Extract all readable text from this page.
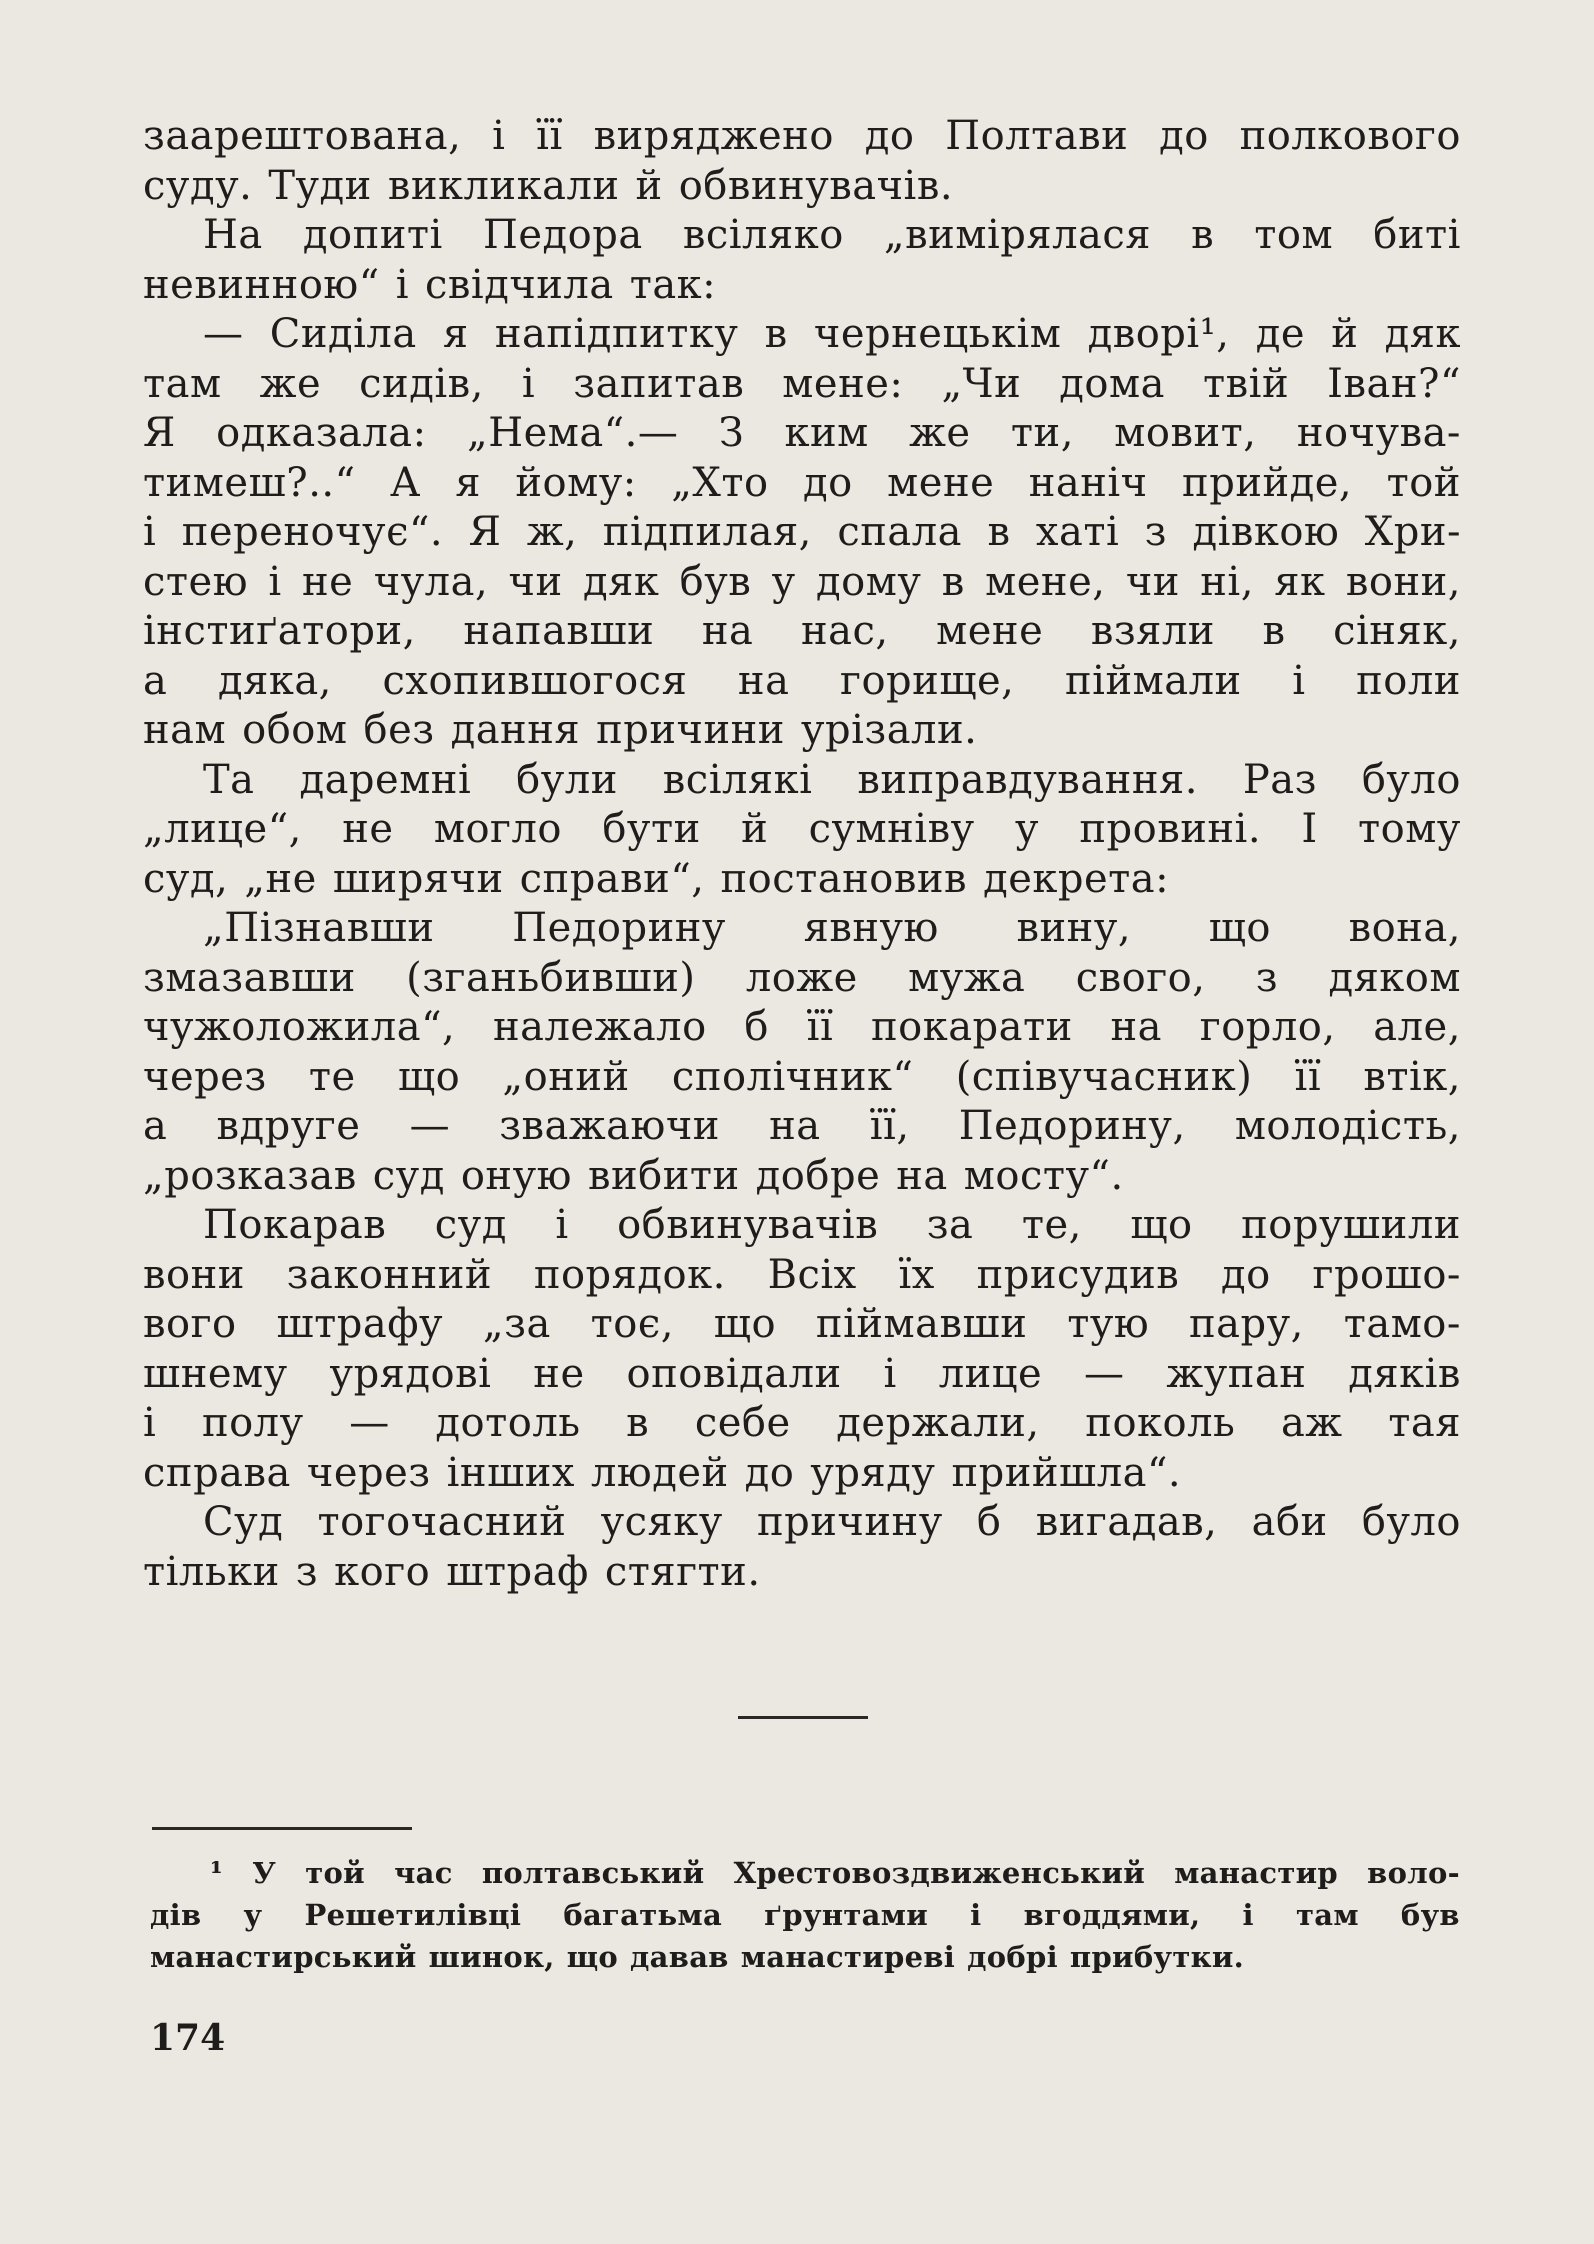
заарештована, і її виряджено до Полтави до полкового
суду. Туди викликали й обвинувачів.
На допиті Педора всіляко „вимірялася в том биті
невинною“ і свідчила так:
— Сиділа я напідпитку в чернецькім дворі¹, де й дяк
там же сидів, і запитав мене: „Чи дома твій Іван?“
Я одказала: „Нема“.— З ким же ти, мовит, ночува-
тимеш?..“ А я йому: „Хто до мене наніч прийде, той
і переночує“. Я ж, підпилая, спала в хаті з дівкою Хри-
стею і не чула, чи дяк був у дому в мене, чи ні, як вони,
інстиґатори, напавши на нас, мене взяли в сіняк,
а дяка, схопившогося на горище, піймали і поли
нам обом без дання причини урізали.
Та даремні були всілякі виправдування. Раз було
„лице“, не могло бути й сумніву у провині. І тому
суд, „не ширячи справи“, постановив декрета:
„Пізнавши Педорину явную вину, що вона,
змазавши (зганьбивши) ложе мужа свого, з дяком
чужоложила“, належало б її покарати на горло, але,
через те що „оний сполічник“ (співучасник) її втік,
а вдруге — зважаючи на її, Педорину, молодість,
„розказав суд оную вибити добре на мосту“.
Покарав суд і обвинувачів за те, що порушили
вони законний порядок. Всіх їх присудив до грошо-
вого штрафу „за тоє, що піймавши тую пару, тамо-
шнему урядові не оповідали і лице — жупан дяків
і полу — дотоль в себе держали, поколь аж тая
справа через інших людей до уряду прийшла“.
Суд тогочасний усяку причину б вигадав, аби було
тільки з кого штраф стягти.
¹ У той час полтавський Хрестовоздвиженський манастир воло-
дів у Решетилівці багатьма ґрунтами і вгоддями, і там був
манастирський шинок, що давав манастиреві добрі прибутки.
174
